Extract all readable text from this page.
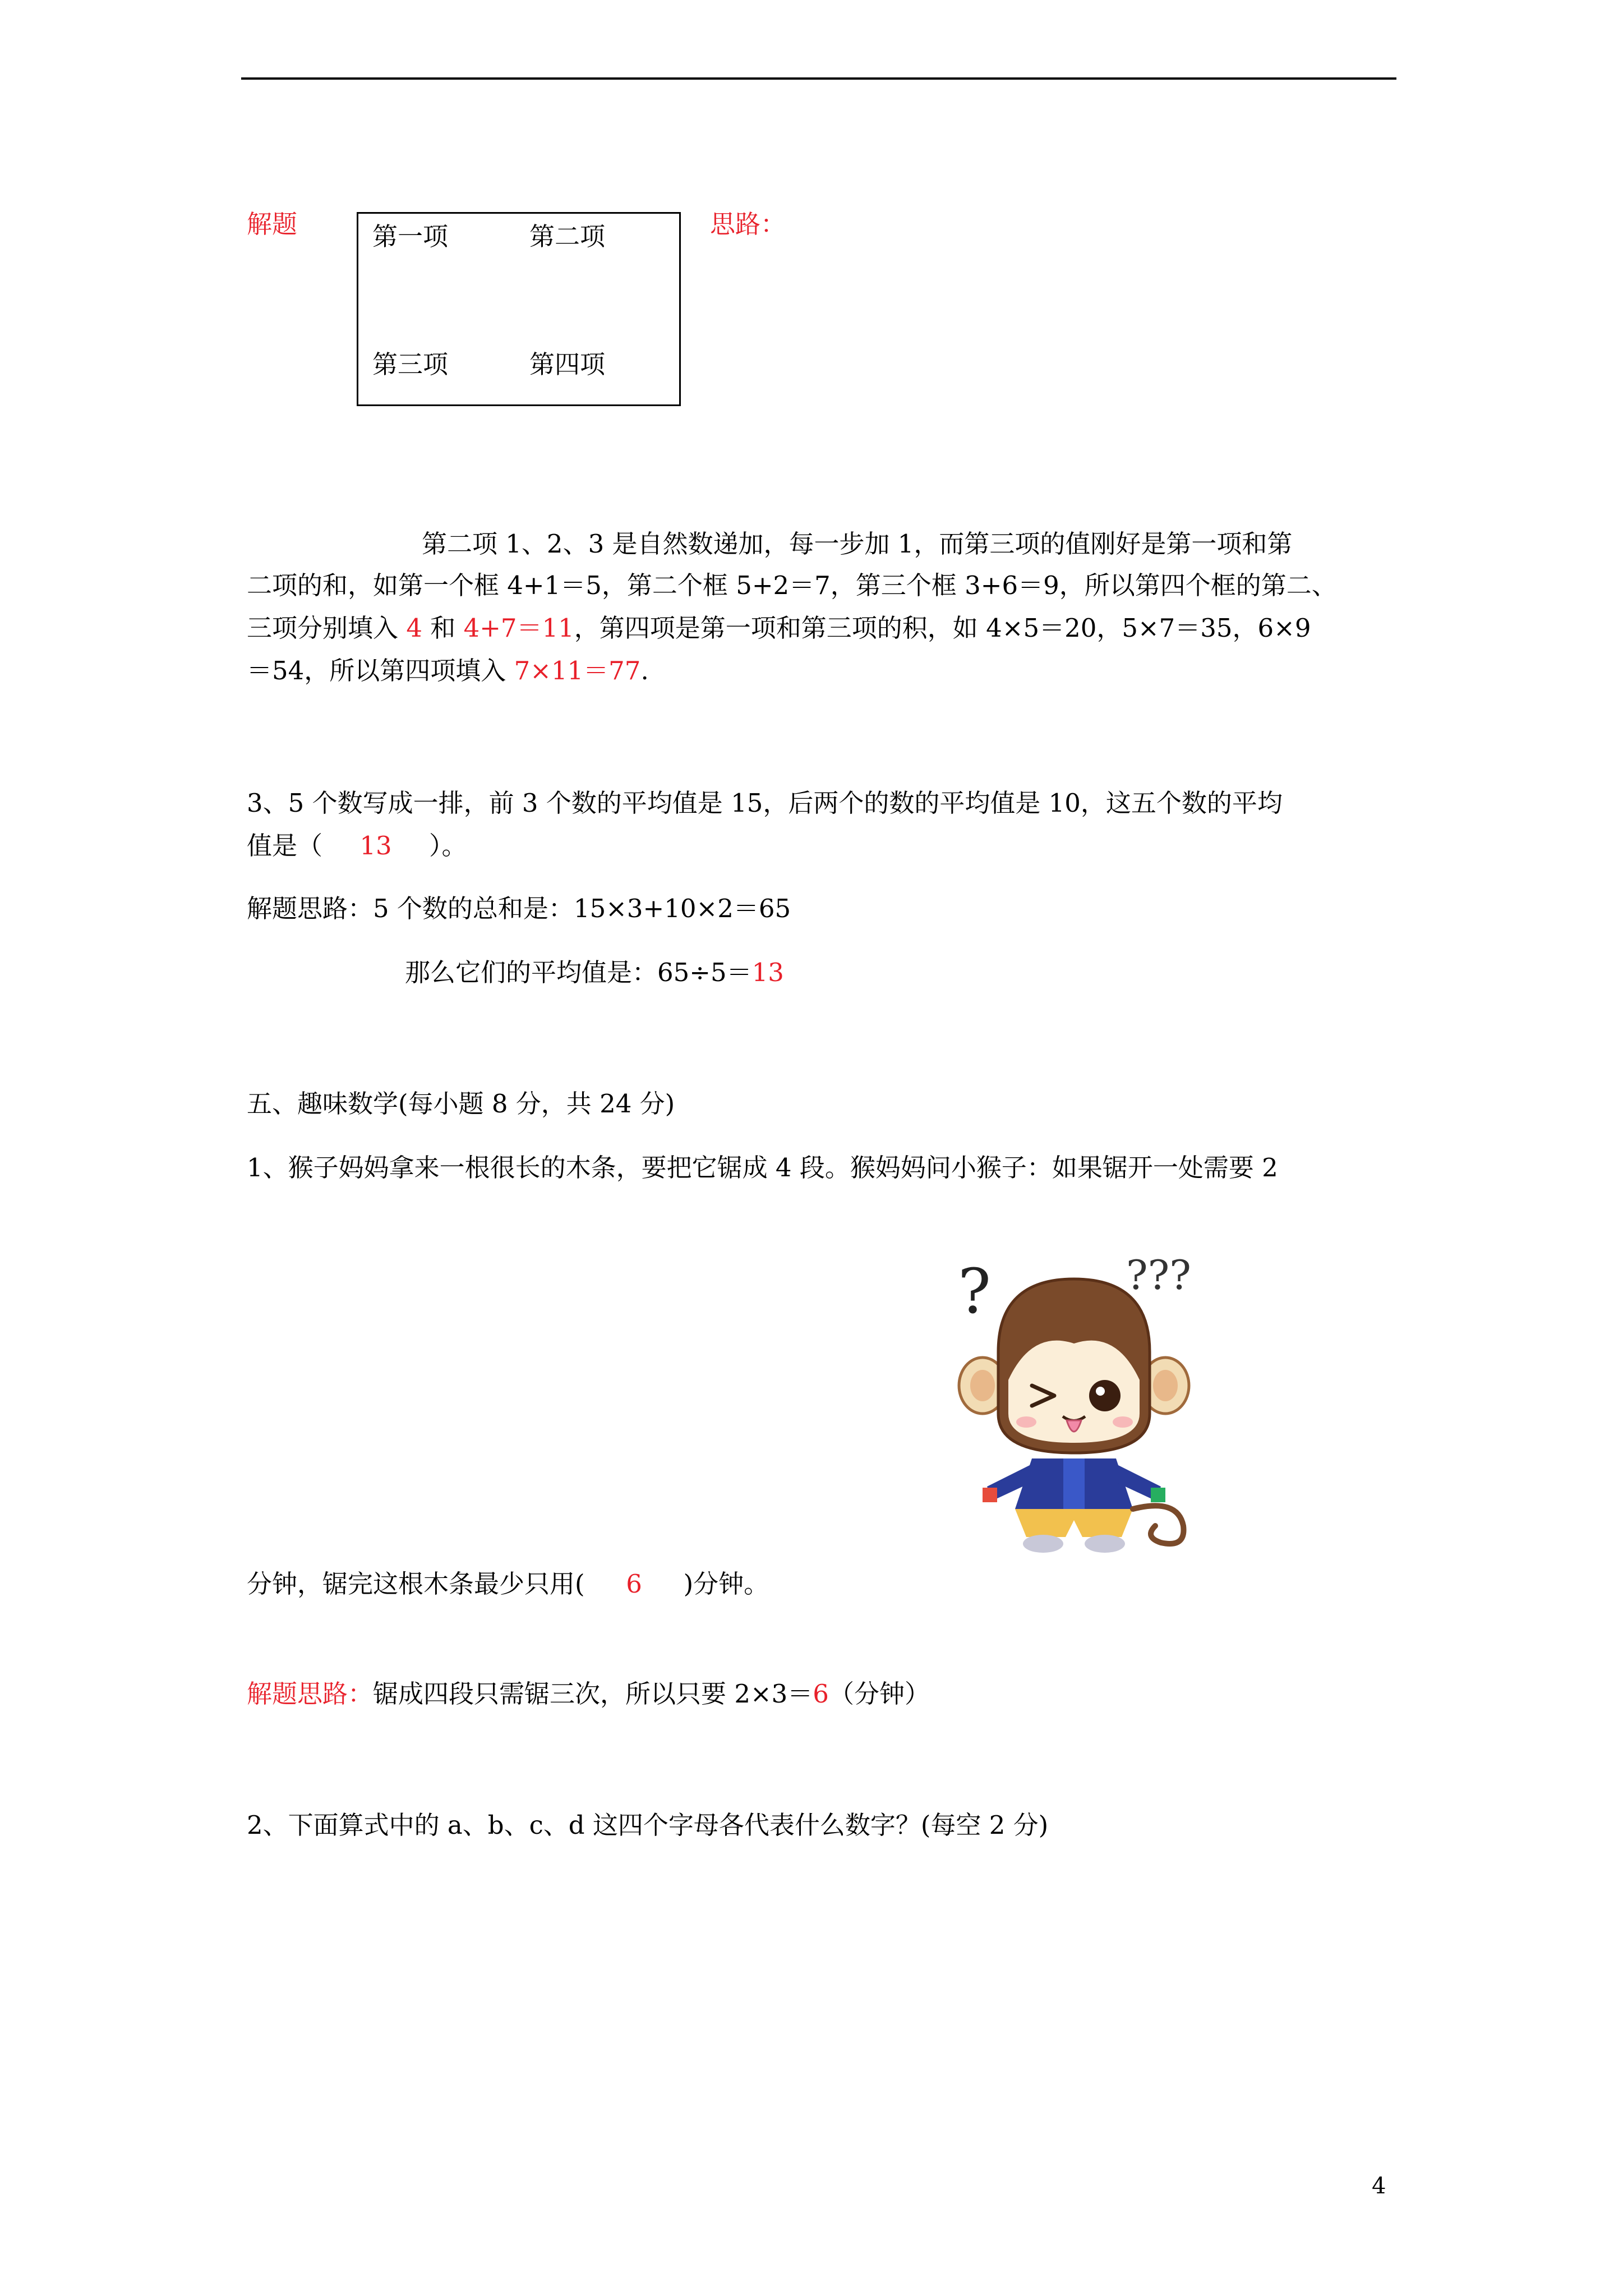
解题	第一项	第二项
第三项	第四项
思路：
第二项 1、2、3 是自然数递加，每一步加 1，而第三项的值刚好是第一项和第
二项的和，如第一个框 4+1＝5，第二个框 5+2＝7，第三个框 3+6＝9，所以第四个框的第二、
三项分别填入 4 和 4+7＝11，第四项是第一项和第三项的积，如 4×5＝20，5×7＝35，6×9
＝54，所以第四项填入 7×11＝77.
3、5 个数写成一排，前 3 个数的平均值是 15，后两个的数的平均值是 10，这五个数的平均
值是（ 13 ）。
解题思路：5 个数的总和是：15×3+10×2＝65
那么它们的平均值是：65÷5＝13
五、趣味数学(每小题 8 分，共 24 分)
1、猴子妈妈拿来一根很长的木条，要把它锯成 4 段。猴妈妈问小猴子：如果锯开一处需要 2
?	???
分钟，锯完这根木条最少只用( 6 )分钟。
解题思路：锯成四段只需锯三次，所以只要 2×3＝6（分钟）
2、下面算式中的 a、b、c、d 这四个字母各代表什么数字？(每空 2 分)
4
